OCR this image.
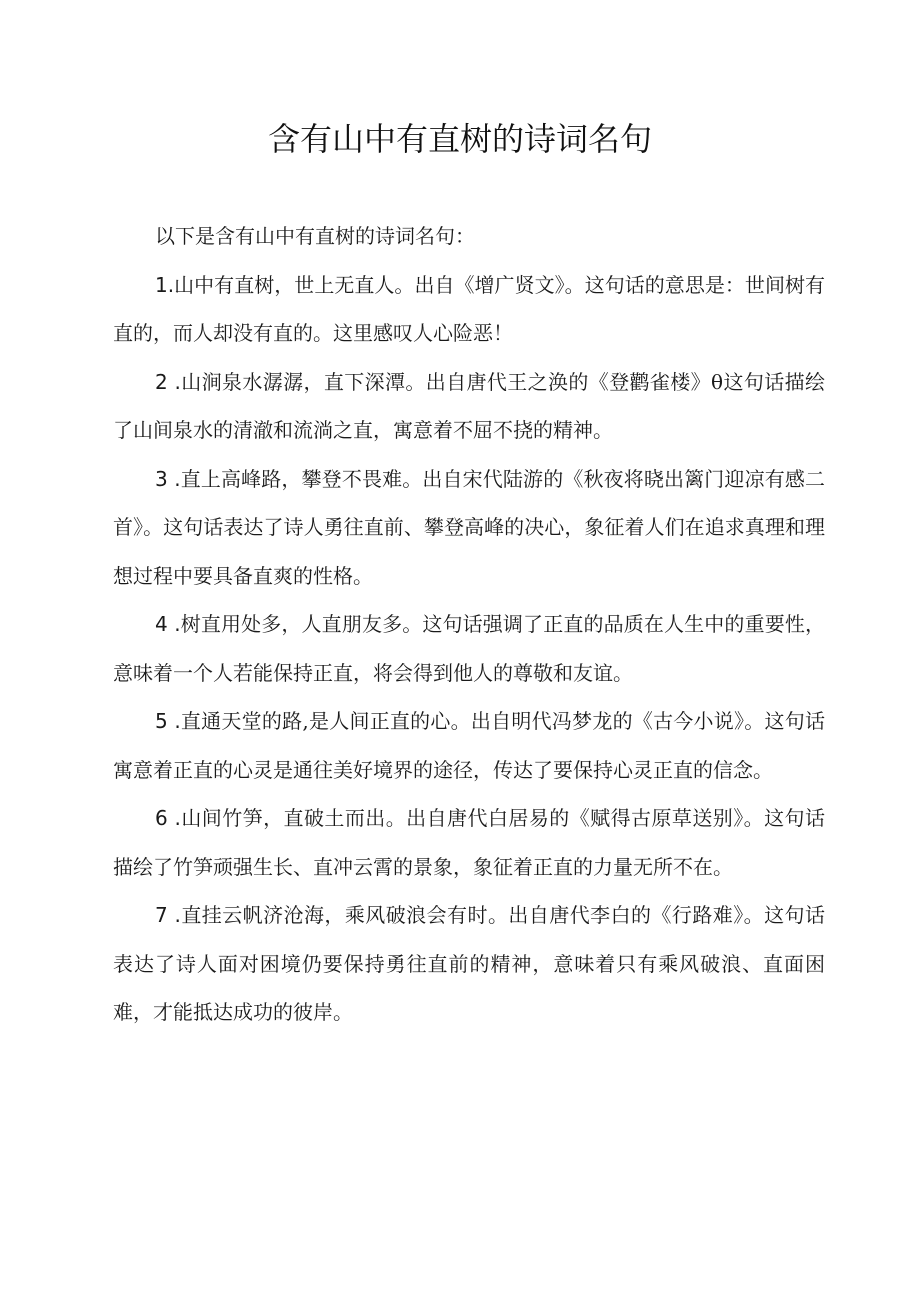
含有山中有直树的诗词名句

以下是含有山中有直树的诗词名句：

1.山中有直树，世上无直人。出自《增广贤文》。这句话的意思是：世间树有直的，而人却没有直的。这里感叹人心险恶！

2 .山涧泉水潺潺，直下深潭。出自唐代王之涣的《登鹳雀楼》θ这句话描绘了山间泉水的清澈和流淌之直，寓意着不屈不挠的精神。

3 .直上高峰路，攀登不畏难。出自宋代陆游的《秋夜将晓出篱门迎凉有感二首》。这句话表达了诗人勇往直前、攀登高峰的决心，象征着人们在追求真理和理想过程中要具备直爽的性格。

4 .树直用处多，人直朋友多。这句话强调了正直的品质在人生中的重要性，意味着一个人若能保持正直，将会得到他人的尊敬和友谊。

5 .直通天堂的路,是人间正直的心。出自明代冯梦龙的《古今小说》。这句话寓意着正直的心灵是通往美好境界的途径，传达了要保持心灵正直的信念。

6 .山间竹笋，直破土而出。出自唐代白居易的《赋得古原草送别》。这句话描绘了竹笋顽强生长、直冲云霄的景象，象征着正直的力量无所不在。

7 .直挂云帆济沧海，乘风破浪会有时。出自唐代李白的《行路难》。这句话表达了诗人面对困境仍要保持勇往直前的精神，意味着只有乘风破浪、直面困难，才能抵达成功的彼岸。
